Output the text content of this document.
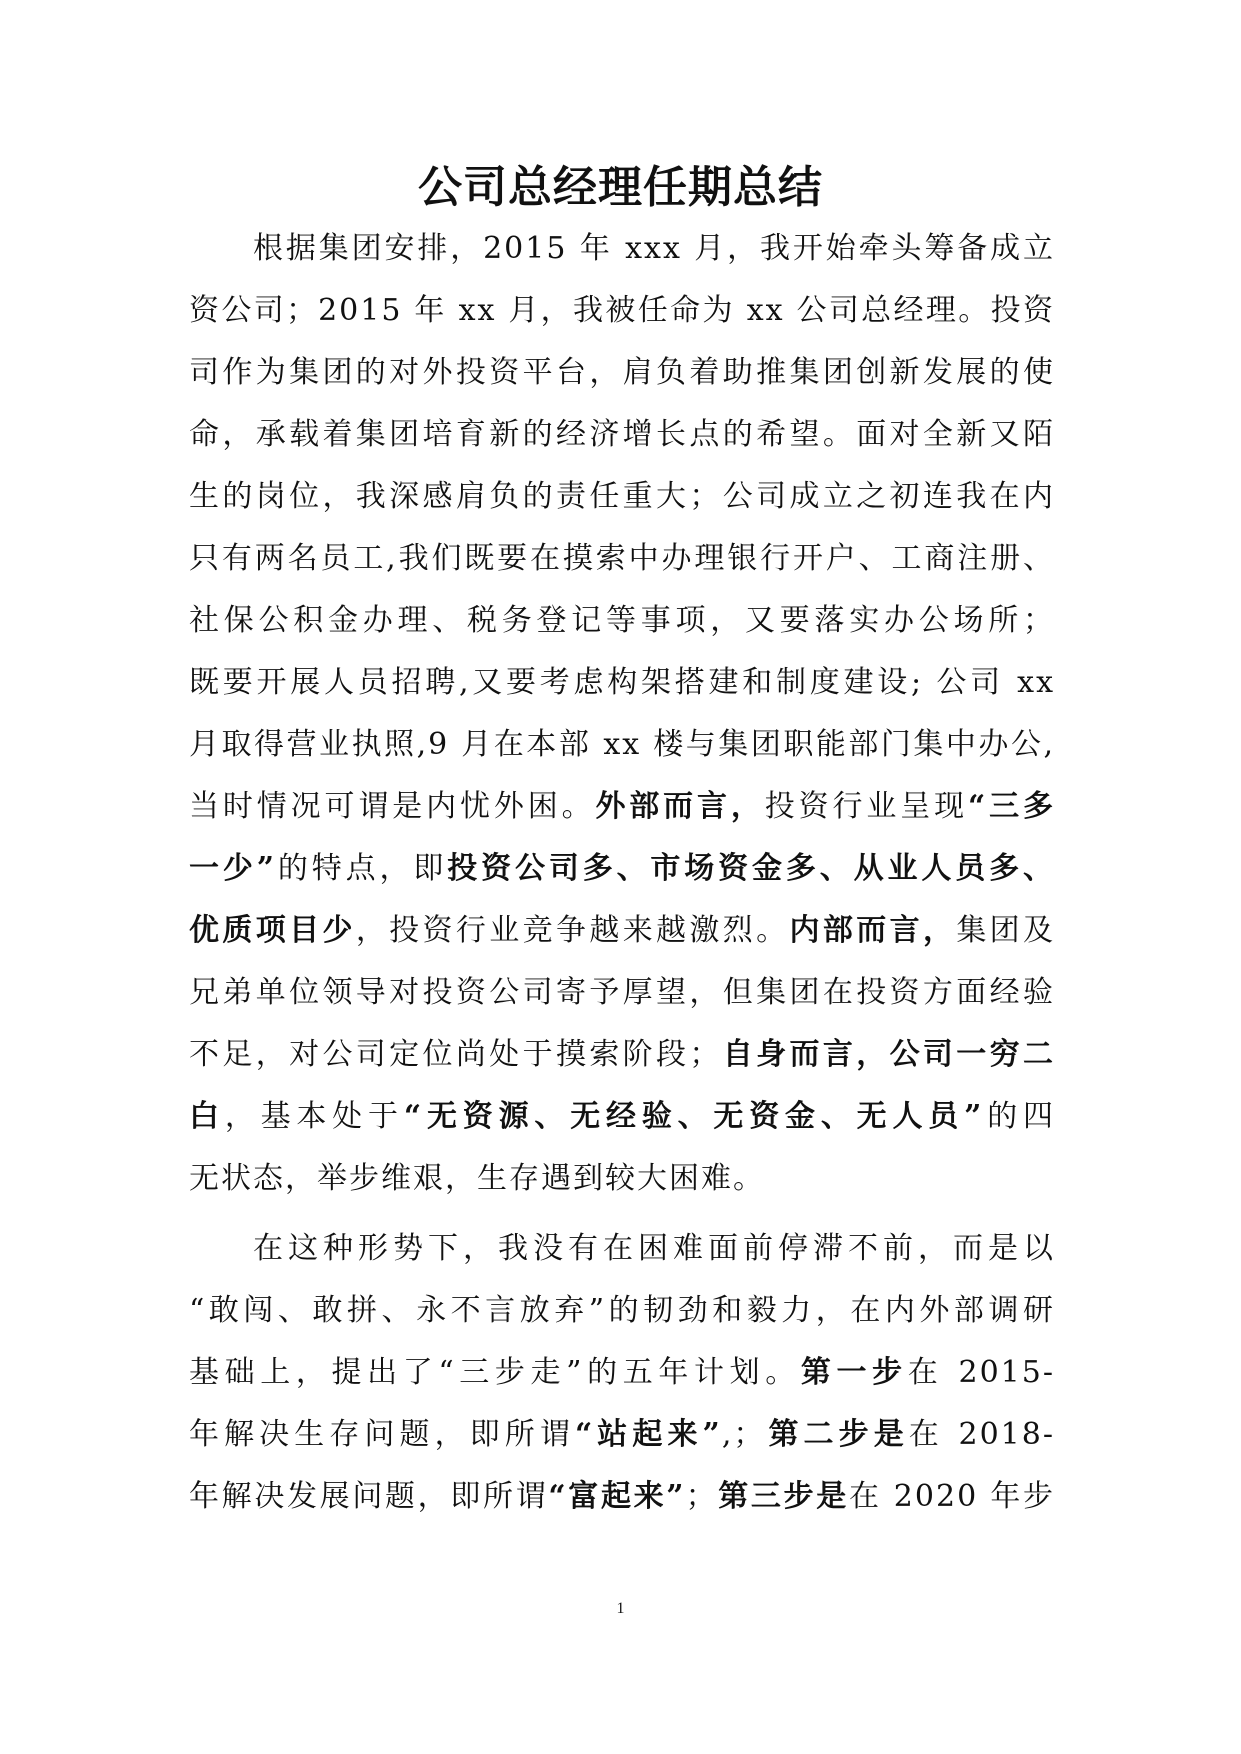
公司总经理任期总结
根据集团安排，2015 年 xxx 月，我开始牵头筹备成立
资公司；2015 年 xx 月，我被任命为 xx 公司总经理。投资
司作为集团的对外投资平台，肩负着助推集团创新发展的使
命，承载着集团培育新的经济增长点的希望。面对全新又陌
生的岗位，我深感肩负的责任重大；公司成立之初连我在内
只有两名员工,我们既要在摸索中办理银行开户、工商注册、
社保公积金办理、税务登记等事项，又要落实办公场所；
既要开展人员招聘,又要考虑构架搭建和制度建设; 公司 xx
月取得营业执照,9 月在本部 xx 楼与集团职能部门集中办公,
当时情况可谓是内忧外困。外部而言，投资行业呈现“三多
一少”的特点，即投资公司多、市场资金多、从业人员多、
优质项目少，投资行业竞争越来越激烈。内部而言，集团及
兄弟单位领导对投资公司寄予厚望，但集团在投资方面经验
不足，对公司定位尚处于摸索阶段；自身而言，公司一穷二
白，基本处于“无资源、无经验、无资金、无人员”的四
无状态，举步维艰，生存遇到较大困难。
在这种形势下，我没有在困难面前停滞不前，而是以
“敢闯、敢拼、永不言放弃”的韧劲和毅力，在内外部调研
基础上，提出了“三步走”的五年计划。第一步在 2015-
年解决生存问题，即所谓“站起来”,；第二步是在 2018-
年解决发展问题，即所谓“富起来”；第三步是在 2020 年步
1
